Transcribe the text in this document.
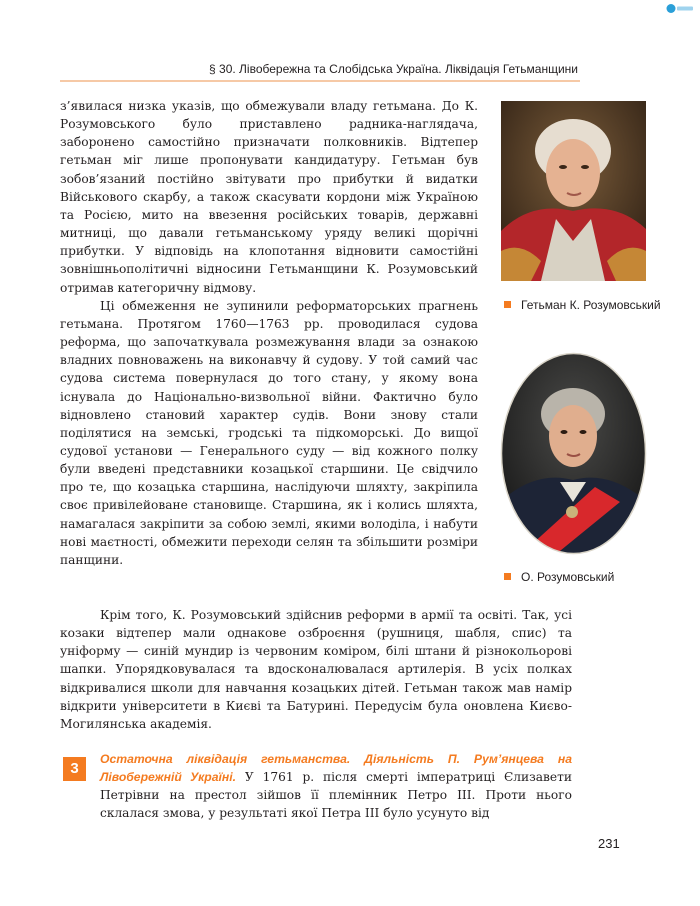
§ 30. Лівобережна та Слобідська Україна. Ліквідація Гетьманщини

з’явилася низка указів, що обмежували владу гетьмана. До К. Розумовського було приставлено радника-наглядача, заборонено самостійно призначати полковників. Відтепер гетьман міг лише пропонувати кандидатуру. Гетьман був зобов’язаний постійно звітувати про прибутки й видатки Військового скарбу, а також скасувати кордони між Україною та Росією, мито на ввезення російських товарів, державні митниці, що давали гетьманському уряду великі щорічні прибутки. У відповідь на клопотання відновити самостійні зовнішньополітичні відносини Гетьманщини К. Розумовський отримав категоричну відмову.

Ці обмеження не зупинили реформаторських прагнень гетьмана. Протягом 1760—1763 рр. проводилася судова реформа, що започаткувала розмежування влади за ознакою владних повноважень на виконавчу й судову. У той самий час судова система повернулася до того стану, у якому вона існувала до Національно-визвольної війни. Фактично було відновлено становий характер судів. Вони знову стали поділятися на земські, гродські та підкоморські. До вищої судової установи — Генерального суду — від кожного полку були введені представники козацької старшини. Це свідчило про те, що козацька старшина, наслідуючи шляхту, закріпила своє привілейоване становище. Старшина, як і колись шляхта, намагалася закріпити за собою землі, якими володіла, і набути нові маєтності, обмежити переходи селян та збільшити розміри панщини.

Гетьман К. Розумовський
О. Розумовський

Крім того, К. Розумовський здійснив реформи в армії та освіті. Так, усі козаки відтепер мали однакове озброєння (рушниця, шабля, спис) та уніформу — синій мундир із червоним коміром, білі штани й різнокольорові шапки. Упорядковувалася та вдосконалювалася артилерія. В усіх полках відкривалися школи для навчання козацьких дітей. Гетьман також мав намір відкрити університети в Києві та Батурині. Передусім була оновлена Києво-Могилянська академія.

3
Остаточна ліквідація гетьманства. Діяльність П. Рум’янцева на Лівобережній Україні. У 1761 р. після смерті імператриці Єлизавети Петрівни на престол зійшов її племінник Петро III. Проти нього склалася змова, у результаті якої Петра III було усунуто від
231
